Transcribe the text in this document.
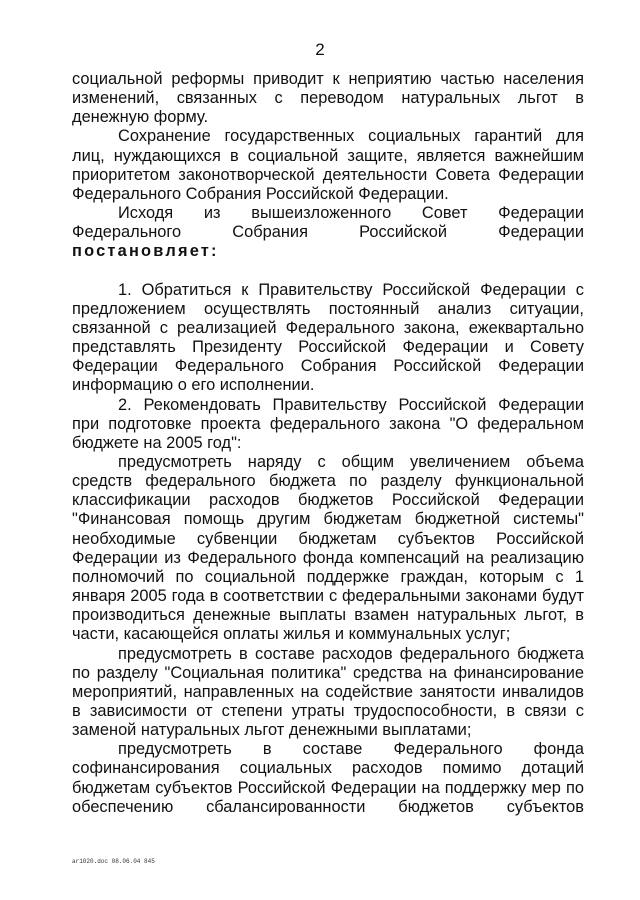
2

социальной реформы приводит к неприятию частью населения изменений, связанных с переводом натуральных льгот в денежную форму.

Сохранение государственных социальных гарантий для лиц, нуждающихся в социальной защите, является важнейшим приоритетом законотворческой деятельности Совета Федерации Федерального Собрания Российской Федерации.

Исходя из вышеизложенного Совет Федерации Федерального Собрания Российской Федерации

постановляет:

1. Обратиться к Правительству Российской Федерации с предложением осуществлять постоянный анализ ситуации, связанной с реализацией Федерального закона, ежеквартально представлять Президенту Российской Федерации и Совету Федерации Федерального Собрания Российской Федерации информацию о его исполнении.

2. Рекомендовать Правительству Российской Федерации при подготовке проекта федерального закона "О федеральном бюджете на 2005 год":

предусмотреть наряду с общим увеличением объема средств федерального бюджета по разделу функциональной классификации расходов бюджетов Российской Федерации "Финансовая помощь другим бюджетам бюджетной системы" необходимые субвенции бюджетам субъектов Российской Федерации из Федерального фонда компенсаций на реализацию полномочий по социальной поддержке граждан, которым с 1 января 2005 года в соответствии с федеральными законами будут производиться денежные выплаты взамен натуральных льгот, в части, касающейся оплаты жилья и коммунальных услуг;

предусмотреть в составе расходов федерального бюджета по разделу "Социальная политика" средства на финансирование мероприятий, направленных на содействие занятости инвалидов в зависимости от степени утраты трудоспособности, в связи с заменой натуральных льгот денежными выплатами;

предусмотреть в составе Федерального фонда софинансирования социальных расходов помимо дотаций бюджетам субъектов Российской Федерации на поддержку мер по обеспечению сбалансированности бюджетов субъектов

ar1020.doc 08.06.04 845
